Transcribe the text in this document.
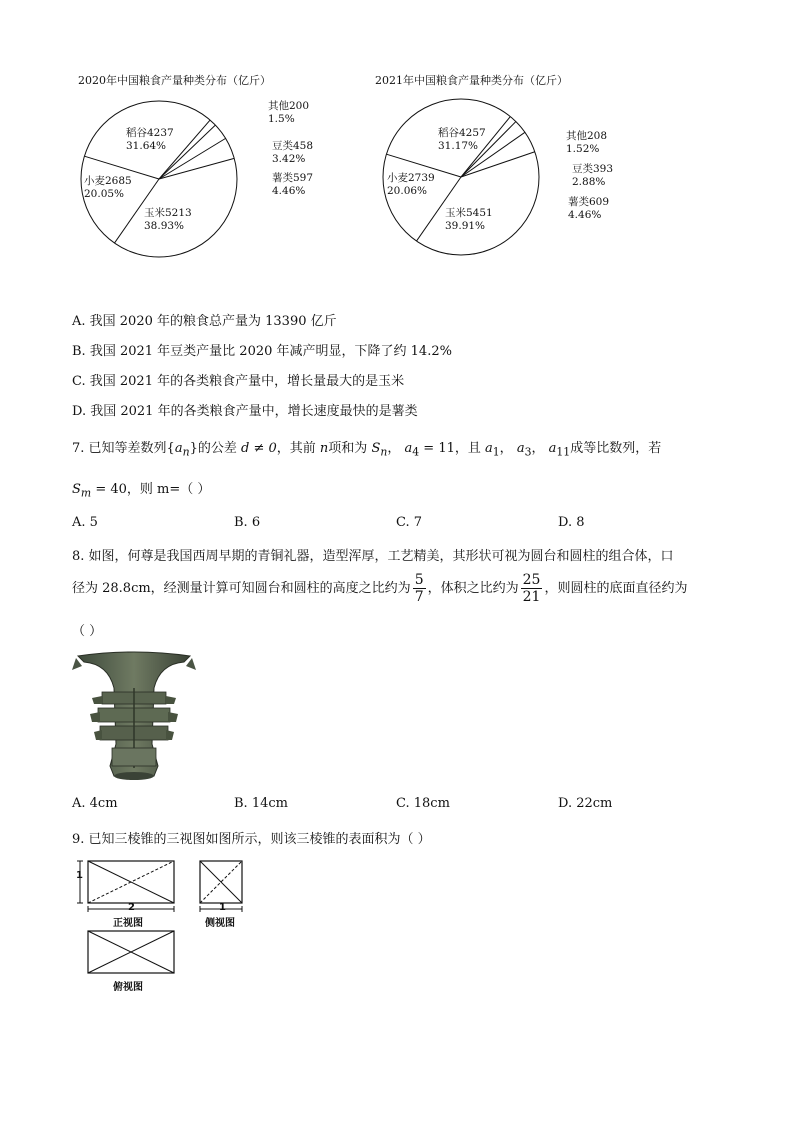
2020年中国粮食产量种类分布（亿斤）
稻谷4237
31.64%
小麦2685
20.05%
玉米5213
38.93%
其他200
1.5%
豆类458
3.42%
薯类597
4.46%
2021年中国粮食产量种类分布（亿斤）
稻谷4257
31.17%
小麦2739
20.06%
玉米5451
39.91%
其他208
1.52%
豆类393
2.88%
薯类609
4.46%
A. 我国 2020 年的粮食总产量为 13390 亿斤
B. 我国 2021 年豆类产量比 2020 年减产明显，下降了约 14.2%
C. 我国 2021 年的各类粮食产量中，增长量最大的是玉米
D. 我国 2021 年的各类粮食产量中，增长速度最快的是薯类
7. 已知等差数列$\{a_n\}$的公差 d ≠ 0，其前 n项和为 $S_n$， $a_4 = 11$，且 $a_1$， $a_3$， $a_{11}$成等比数列，若
$S_m = 40$，则 m=（ ）
A. 5	B. 6	C. 7	D. 8
8. 如图，何尊是我国西周早期的青铜礼器，造型浑厚，工艺精美，其形状可视为圆台和圆柱的组合体，口
径为 28.8cm，经测量计算可知圆台和圆柱的高度之比约为 $\frac{5}{7}$ ，体积之比约为 $\frac{25}{21}$ ，则圆柱的底面直径约为
（ ）
A. 4cm	B. 14cm	C. 18cm	D. 22cm
9. 已知三棱锥的三视图如图所示，则该三棱锥的表面积为（ ）
1
2	1
正视图	侧视图
俯视图
